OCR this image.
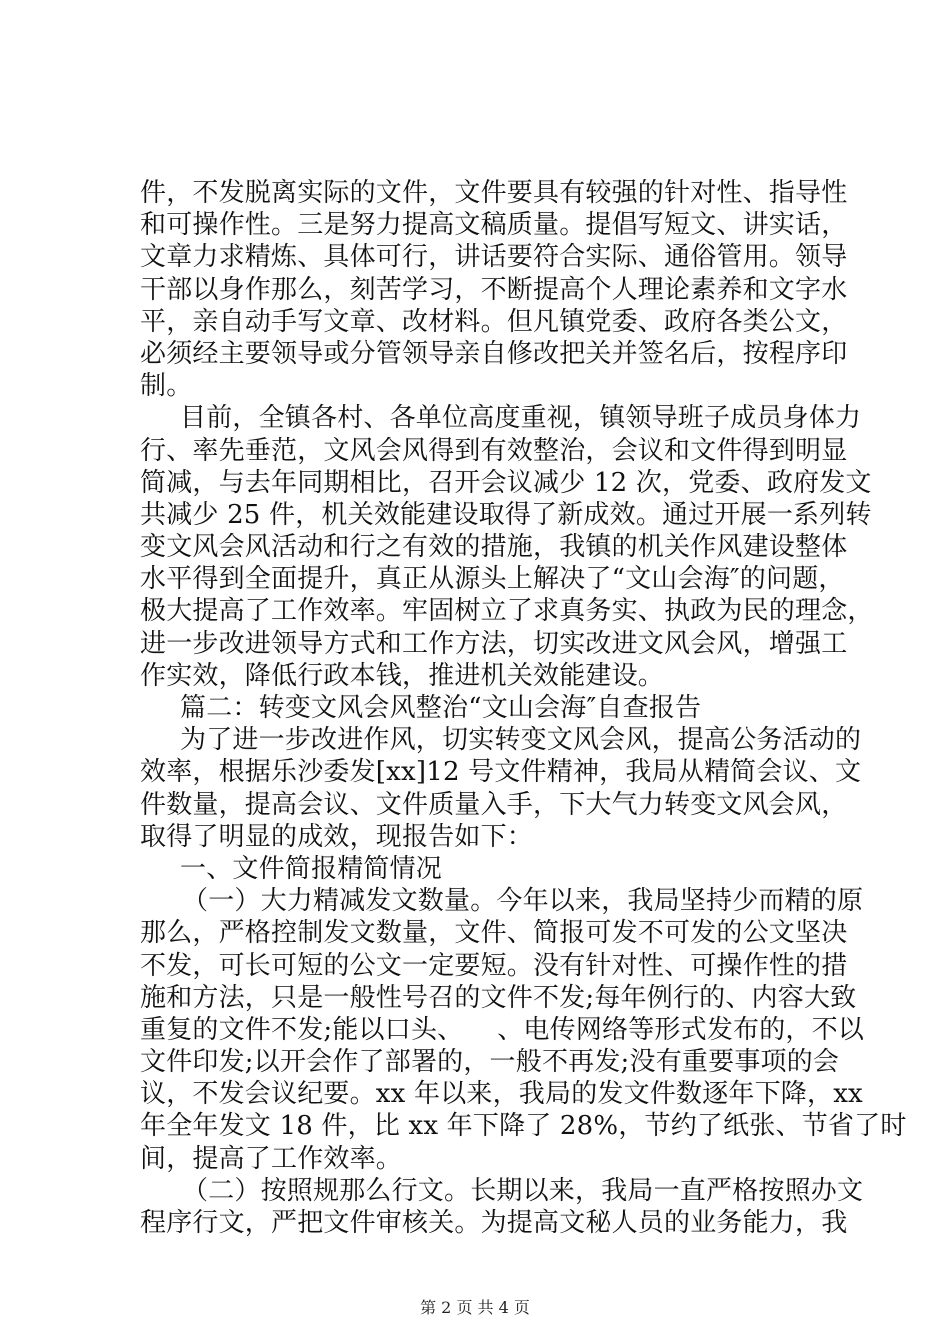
件，不发脱离实际的文件，文件要具有较强的针对性、指导性
和可操作性。三是努力提高文稿质量。提倡写短文、讲实话，
文章力求精炼、具体可行，讲话要符合实际、通俗管用。领导
干部以身作那么，刻苦学习，不断提高个人理论素养和文字水
平，亲自动手写文章、改材料。但凡镇党委、政府各类公文，
必须经主要领导或分管领导亲自修改把关并签名后，按程序印
制。
目前，全镇各村、各单位高度重视，镇领导班子成员身体力
行、率先垂范，文风会风得到有效整治，会议和文件得到明显
简减，与去年同期相比，召开会议减少 12 次，党委、政府发文
共减少 25 件，机关效能建设取得了新成效。通过开展一系列转
变文风会风活动和行之有效的措施，我镇的机关作风建设整体
水平得到全面提升，真正从源头上解决了“文山会海″的问题，
极大提高了工作效率。牢固树立了求真务实、执政为民的理念，
进一步改进领导方式和工作方法，切实改进文风会风，增强工
作实效，降低行政本钱，推进机关效能建设。
篇二：转变文风会风整治“文山会海″自查报告
为了进一步改进作风，切实转变文风会风，提高公务活动的
效率，根据乐沙委发[xx]12 号文件精神，我局从精简会议、文
件数量，提高会议、文件质量入手，下大气力转变文风会风，
取得了明显的成效，现报告如下：
一、文件简报精简情况
（一）大力精减发文数量。今年以来，我局坚持少而精的原
那么，严格控制发文数量，文件、简报可发不可发的公文坚决
不发，可长可短的公文一定要短。没有针对性、可操作性的措
施和方法，只是一般性号召的文件不发;每年例行的、内容大致
重复的文件不发;能以口头、    、电传网络等形式发布的，不以
文件印发;以开会作了部署的，一般不再发;没有重要事项的会
议，不发会议纪要。xx 年以来，我局的发文件数逐年下降，xx
年全年发文 18 件，比 xx 年下降了 28%，节约了纸张、节省了时
间，提高了工作效率。
（二）按照规那么行文。长期以来，我局一直严格按照办文
程序行文，严把文件审核关。为提高文秘人员的业务能力，我
第 2 页 共 4 页
